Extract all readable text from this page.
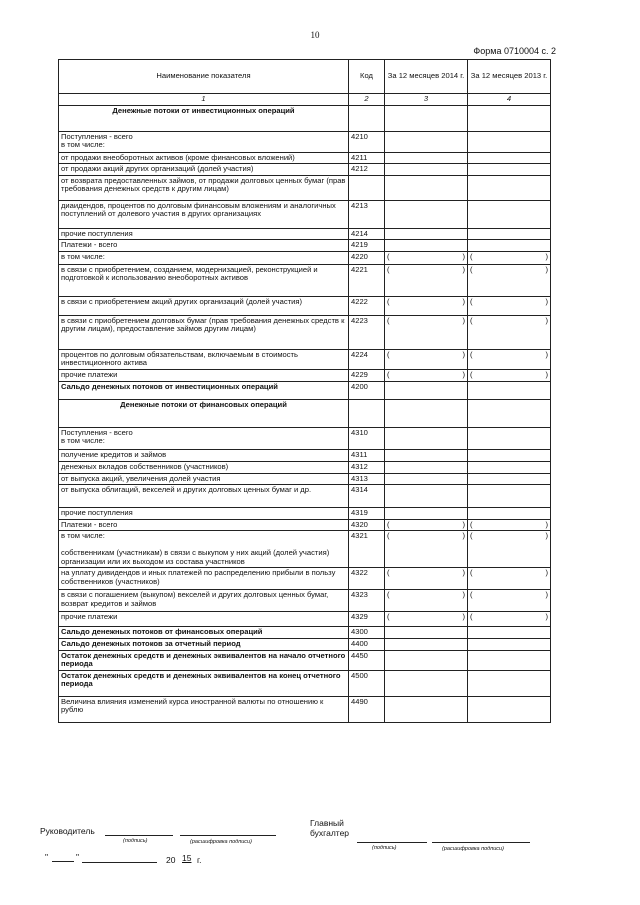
10
Форма 0710004 с. 2
Наименование показателя	Код	За 12 месяцев 2014 г.	За 12 месяцев 2013 г.
1	2	3	4
Денежные потоки от инвестиционных операций			
Поступления - всего
в том числе:	4210		
от продажи внеоборотных активов (кроме финансовых вложений)	4211		
от продажи акций других организаций (долей участия)	4212		
от возврата предоставленных займов, от продажи долговых ценных бумаг (прав требования денежных средств к другим лицам)			
диаидендов, процентов по долговым финансовым вложениям и аналогичных поступлений от долевого участия в других организациях	4213		
прочие поступления	4214		
Платежи - всего	4219		
в том числе:	4220	( )	( )

в связи с приобретением, созданием, модернизацией, реконструкцией и подготовкой к использованию внеоборотных активов	4221	( )	( )

в связи с приобретением акций других организаций (долей участия)	4222	( )	( )

в связи с приобретением долговых бумаг (прав требования денежных средств к другим лицам), предоставление займов другим лицам)	4223	( )	( )

процентов по долговым обязательствам, включаемым в стоимость инвестиционного актива	4224	( )	( )

прочие платежи	4229	( )	( )

Сальдо денежных потоков от инвестиционных операций	4200		
Денежные потоки от финансовых операций			
Поступления - всего
в том числе:	4310		
получение кредитов и займов	4311		
денежных вкладов собственников (участников)	4312		
от выпуска акций, увеличения долей участия	4313		
от выпуска облигаций, векселей и других долговых ценных бумаг и др.	4314		
прочие поступления	4319		
Платежи - всего	4320	( )	( )

в том числе:

собственникам (участникам) в связи с выкупом у них акций (долей участия) организации или их выходом из состава участников	4321	( )	( )

на уплату дивидендов и иных платежей по распределению прибыли в пользу собственников (участников)	4322	( )	( )

в связи с погашением (выкупом) векселей и других долговых ценных бумаг, возврат кредитов и займов	4323	( )	( )

прочие платежи	4329	( )	( )

Сальдо денежных потоков от финансовых операций	4300		
Сальдо денежных потоков за отчетный период	4400		
Остаток денежных средств и денежных эквивалентов на начало отчетного периода	4450		
Остаток денежных средств и денежных эквивалентов на конец отчетного периода	4500		
Величина влияния изменений курса иностранной валюты по отношению к рублю	4490		
Руководитель
(подпись)	(расшифровка подписи)
Главный бухгалтер
(подпись)	(расшифровка подписи)
"	"	20 15 г.
